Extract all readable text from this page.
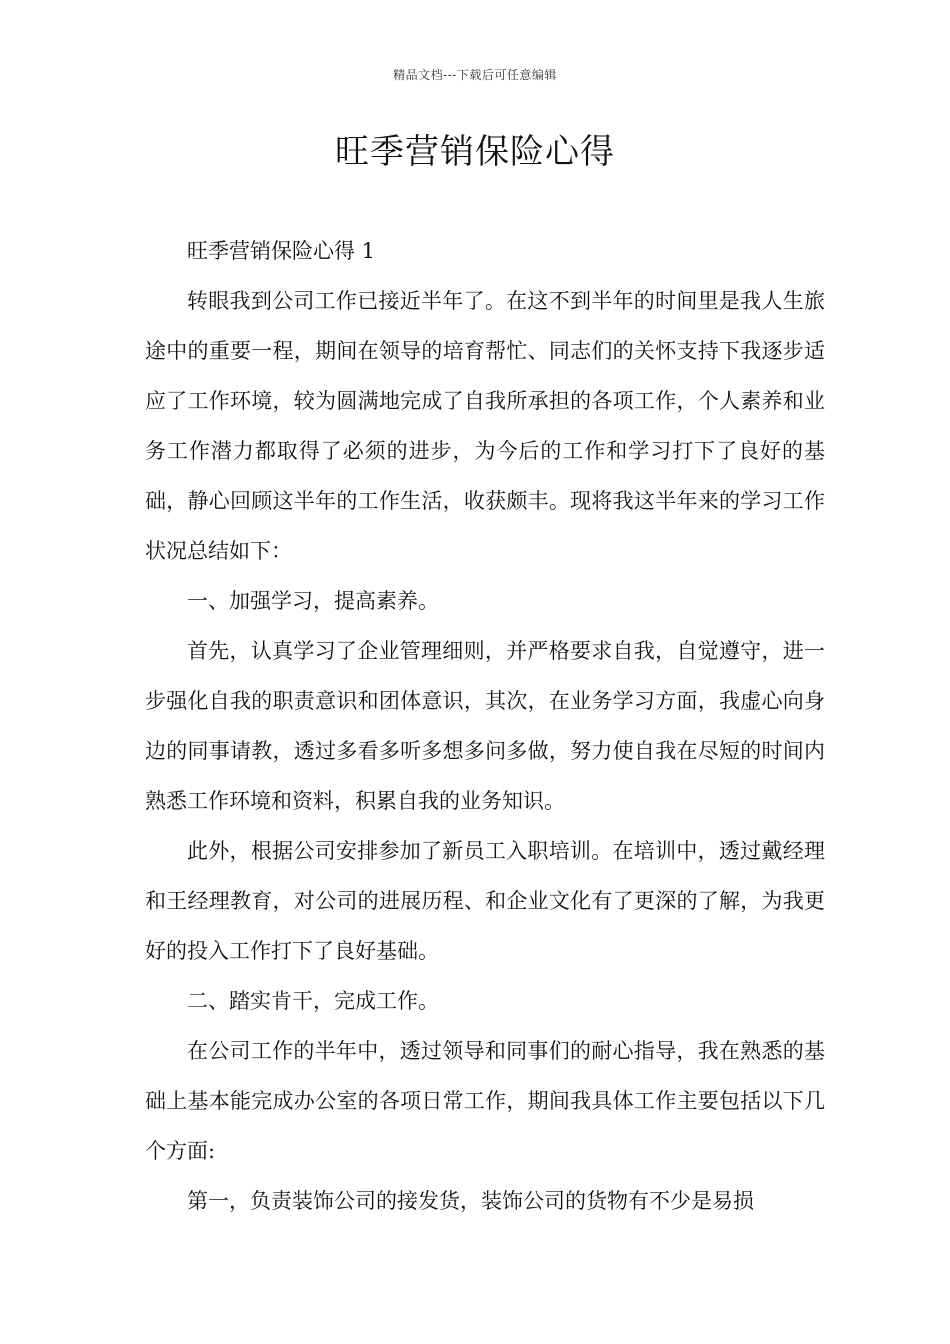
精品文档---下载后可任意编辑
旺季营销保险心得

旺季营销保险心得 1

转眼我到公司工作已接近半年了。在这不到半年的时间里是我人生旅途中的重要一程，期间在领导的培育帮忙、同志们的关怀支持下我逐步适应了工作环境，较为圆满地完成了自我所承担的各项工作，个人素养和业务工作潜力都取得了必须的进步，为今后的工作和学习打下了良好的基础，静心回顾这半年的工作生活，收获颇丰。现将我这半年来的学习工作状况总结如下：

一、加强学习，提高素养。

首先，认真学习了企业管理细则，并严格要求自我，自觉遵守，进一步强化自我的职责意识和团体意识，其次，在业务学习方面，我虚心向身边的同事请教，透过多看多听多想多问多做，努力使自我在尽短的时间内熟悉工作环境和资料，积累自我的业务知识。

此外，根据公司安排参加了新员工入职培训。在培训中，透过戴经理和王经理教育，对公司的进展历程、和企业文化有了更深的了解，为我更好的投入工作打下了良好基础。

二、踏实肯干，完成工作。

在公司工作的半年中，透过领导和同事们的耐心指导，我在熟悉的基础上基本能完成办公室的各项日常工作，期间我具体工作主要包括以下几个方面:

第一，负责装饰公司的接发货，装饰公司的货物有不少是易损
